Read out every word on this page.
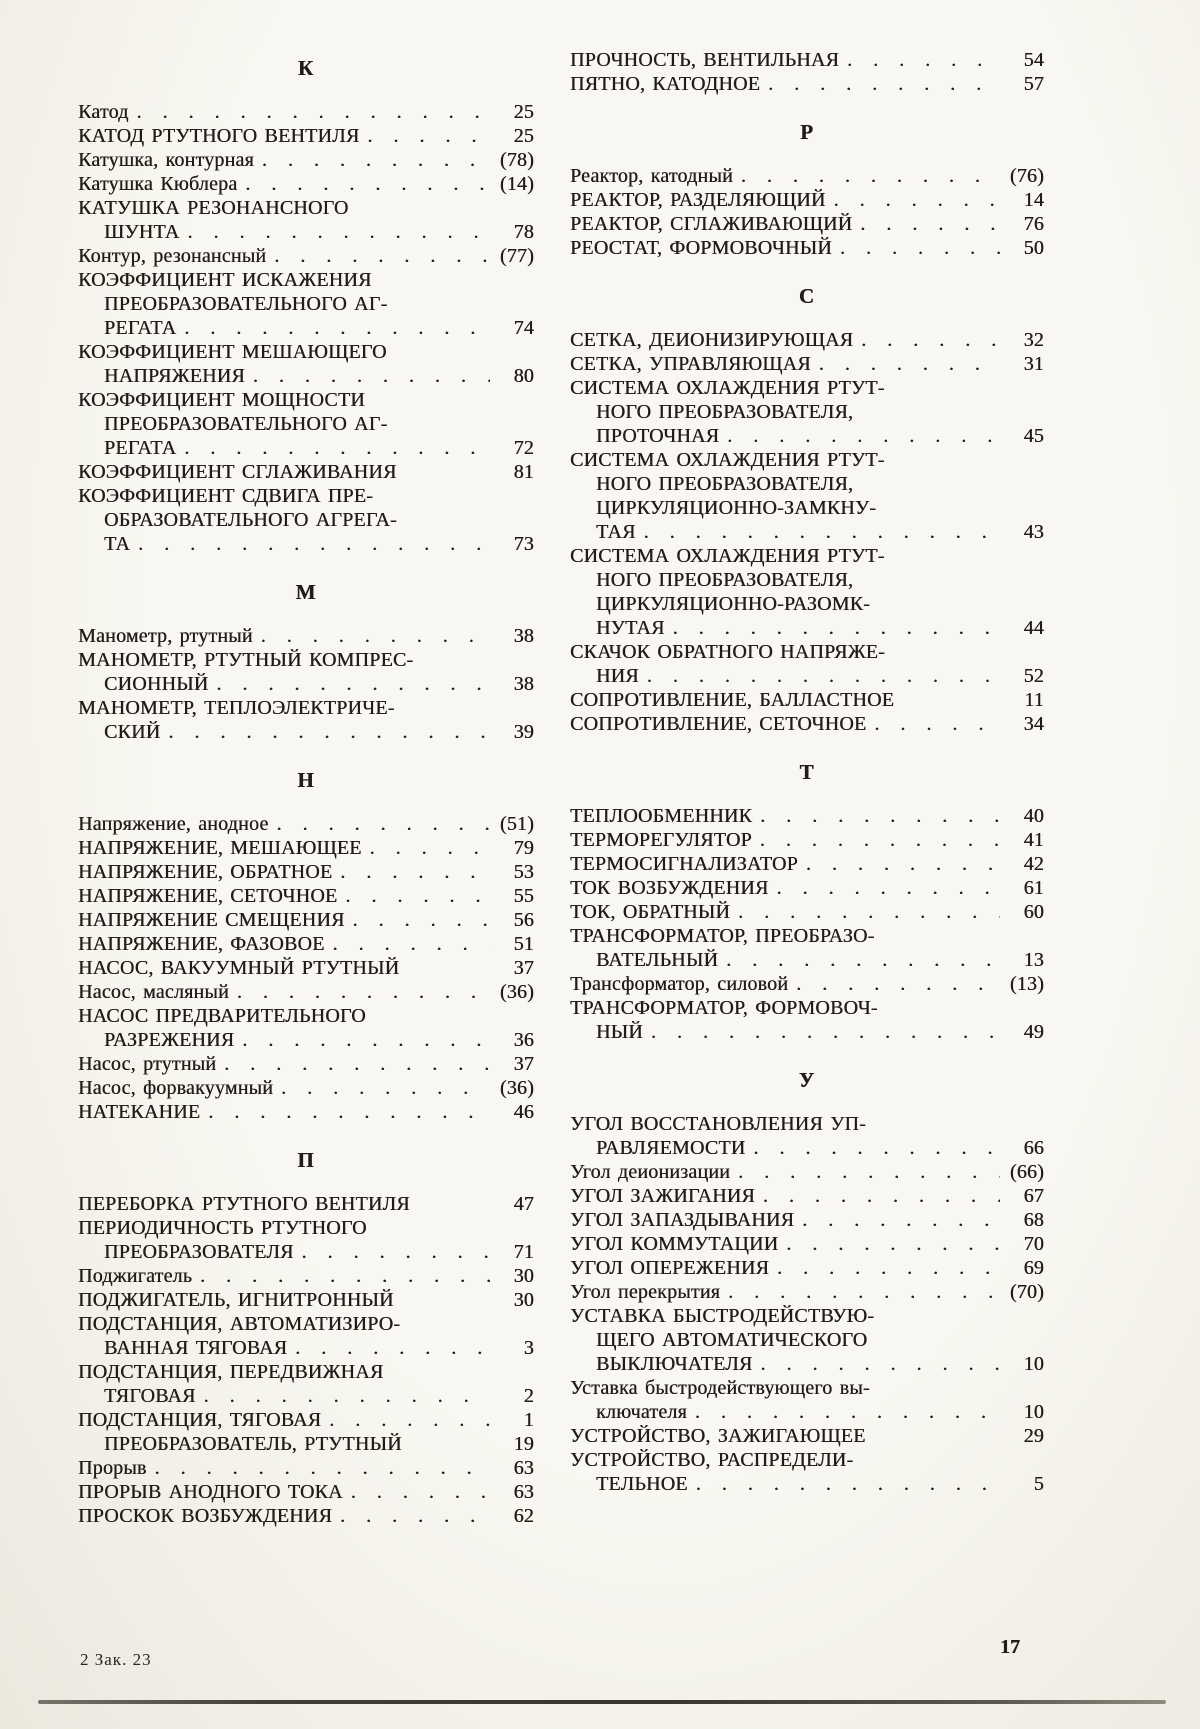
К
Катод . . .	25
КАТОД РТУТНОГО ВЕНТИЛЯ . . .	25
Катушка, контурная . . .	(78)
Катушка Кюблера . . .	(14)
КАТУШКА РЕЗОНАНСНОГО
ШУНТА . . .	78
Контур, резонансный . . .	(77)
КОЭФФИЦИЕНТ ИСКАЖЕНИЯ
ПРЕОБРАЗОВАТЕЛЬНОГО АГ-
РЕГАТА . . .	74
КОЭФФИЦИЕНТ МЕШАЮЩЕГО
НАПРЯЖЕНИЯ . . .	80
КОЭФФИЦИЕНТ МОЩНОСТИ
ПРЕОБРАЗОВАТЕЛЬНОГО АГ-
РЕГАТА . . .	72
КОЭФФИЦИЕНТ СГЛАЖИВАНИЯ	81
КОЭФФИЦИЕНТ СДВИГА ПРЕ-
ОБРАЗОВАТЕЛЬНОГО АГРЕГА-
ТА . . .	73
М
Манометр, ртутный . . .	38
МАНОМЕТР, РТУТНЫЙ КОМПРЕС-
СИОННЫЙ . . .	38
МАНОМЕТР, ТЕПЛОЭЛЕКТРИЧЕ-
СКИЙ . . .	39
Н
Напряжение, анодное . . .	(51)
НАПРЯЖЕНИЕ, МЕШАЮЩЕЕ . . .	79
НАПРЯЖЕНИЕ, ОБРАТНОЕ . . .	53
НАПРЯЖЕНИЕ, СЕТОЧНОЕ . . .	55
НАПРЯЖЕНИЕ СМЕЩЕНИЯ . . .	56
НАПРЯЖЕНИЕ, ФАЗОВОЕ . . .	51
НАСОС, ВАКУУМНЫЙ РТУТНЫЙ	37
Насос, масляный . . .	(36)
НАСОС ПРЕДВАРИТЕЛЬНОГО
РАЗРЕЖЕНИЯ . . .	36
Насос, ртутный . . .	37
Насос, форвакуумный . . .	(36)
НАТЕКАНИЕ . . .	46
П
ПЕРЕБОРКА РТУТНОГО ВЕНТИЛЯ	47
ПЕРИОДИЧНОСТЬ РТУТНОГО
ПРЕОБРАЗОВАТЕЛЯ . . .	71
Поджигатель . . .	30
ПОДЖИГАТЕЛЬ, ИГНИТРОННЫЙ	30
ПОДСТАНЦИЯ, АВТОМАТИЗИРО-
ВАННАЯ ТЯГОВАЯ . . .	3
ПОДСТАНЦИЯ, ПЕРЕДВИЖНАЯ
ТЯГОВАЯ . . .	2
ПОДСТАНЦИЯ, ТЯГОВАЯ . . .	1
ПРЕОБРАЗОВАТЕЛЬ, РТУТНЫЙ	19
Прорыв . . .	63
ПРОРЫВ АНОДНОГО ТОКА . . .	63
ПРОСКОК ВОЗБУЖДЕНИЯ . . .	62
ПРОЧНОСТЬ, ВЕНТИЛЬНАЯ . . .	54
ПЯТНО, КАТОДНОЕ . . .	57
Р
Реактор, катодный . . .	(76)
РЕАКТОР, РАЗДЕЛЯЮЩИЙ . . .	14
РЕАКТОР, СГЛАЖИВАЮЩИЙ . . .	76
РЕОСТАТ, ФОРМОВОЧНЫЙ . . .	50
С
СЕТКА, ДЕИОНИЗИРУЮЩАЯ . . .	32
СЕТКА, УПРАВЛЯЮЩАЯ . . .	31
СИСТЕМА ОХЛАЖДЕНИЯ РТУТ-
НОГО ПРЕОБРАЗОВАТЕЛЯ,
ПРОТОЧНАЯ . . .	45
СИСТЕМА ОХЛАЖДЕНИЯ РТУТ-
НОГО ПРЕОБРАЗОВАТЕЛЯ,
ЦИРКУЛЯЦИОННО-ЗАМКНУ-
ТАЯ . . .	43
СИСТЕМА ОХЛАЖДЕНИЯ РТУТ-
НОГО ПРЕОБРАЗОВАТЕЛЯ,
ЦИРКУЛЯЦИОННО-РАЗОМК-
НУТАЯ . . .	44
СКАЧОК ОБРАТНОГО НАПРЯЖЕ-
НИЯ . . .	52
СОПРОТИВЛЕНИЕ, БАЛЛАСТНОЕ	11
СОПРОТИВЛЕНИЕ, СЕТОЧНОЕ . . .	34
Т
ТЕПЛООБМЕННИК . . .	40
ТЕРМОРЕГУЛЯТОР . . .	41
ТЕРМОСИГНАЛИЗАТОР . . .	42
ТОК ВОЗБУЖДЕНИЯ . . .	61
ТОК, ОБРАТНЫЙ . . .	60
ТРАНСФОРМАТОР, ПРЕОБРАЗО-
ВАТЕЛЬНЫЙ . . .	13
Трансформатор, силовой . . .	(13)
ТРАНСФОРМАТОР, ФОРМОВОЧ-
НЫЙ . . .	49
У
УГОЛ ВОССТАНОВЛЕНИЯ УП-
РАВЛЯЕМОСТИ . . .	66
Угол деионизации . . .	(66)
УГОЛ ЗАЖИГАНИЯ . . .	67
УГОЛ ЗАПАЗДЫВАНИЯ . . .	68
УГОЛ КОММУТАЦИИ . . .	70
УГОЛ ОПЕРЕЖЕНИЯ . . .	69
Угол перекрытия . . .	(70)
УСТАВКА БЫСТРОДЕЙСТВУЮ-
ЩЕГО АВТОМАТИЧЕСКОГО
ВЫКЛЮЧАТЕЛЯ . . .	10
Уставка быстродействующего вы-
ключателя . . .	10
УСТРОЙСТВО, ЗАЖИГАЮЩЕЕ	29
УСТРОЙСТВО, РАСПРЕДЕЛИ-
ТЕЛЬНОЕ . . .	5
2 Зак. 23
17
